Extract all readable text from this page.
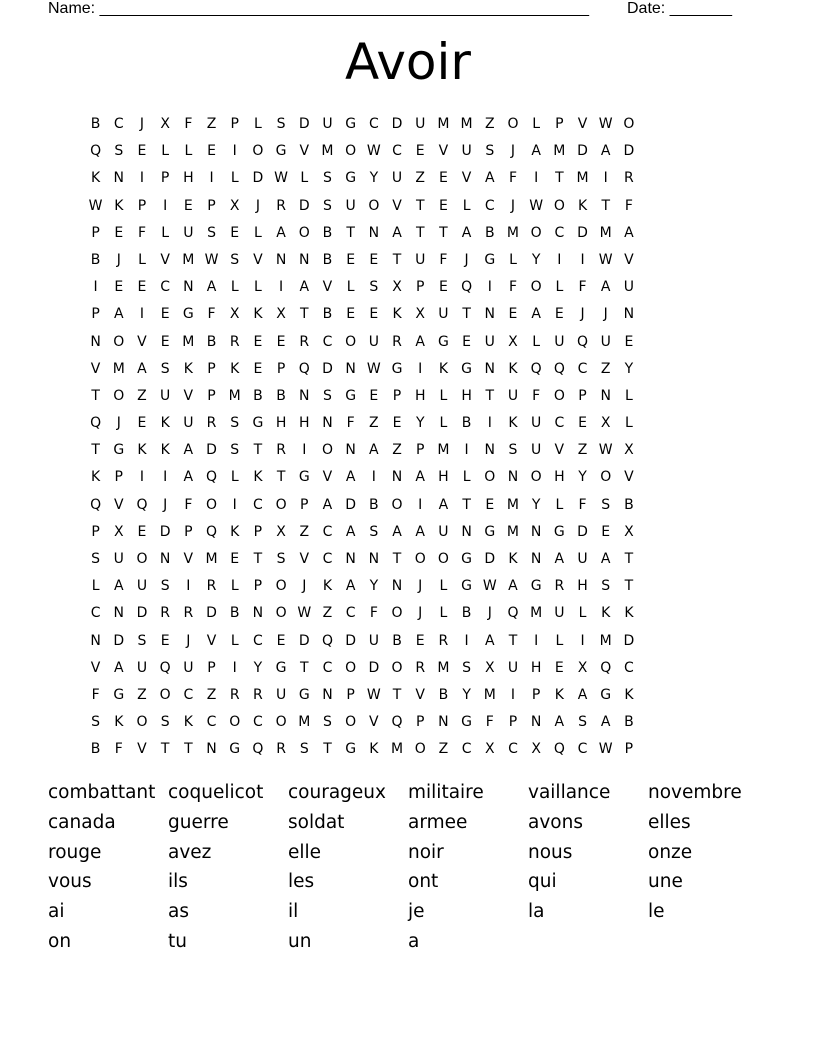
Name: _______________________________________________________ Date: _______
Avoir
B C	J	X	F	Z	P	L	S D U G C D U M M Z O L	P	V W O
Q S	E	L	L	E	I	O G V M O W C E V U S	J	A M D A D
K N	I	P H	I	L D W L	S G Y U Z E V A	F	I	T M	I	R
W K	P	I	E	P	X	J	R D S U O V	T	E	L	C	J	W O K	T	F
P	E	F	L	U S	E	L	A O B	T N A	T	T	A B M O C D M A
B	J	L	V M W S V N N B E	E	T U	F	J	G L	Y	I	I	W V
I	E	E C N A	L	L	I	A V	L	S X	P	E Q	I	F O L	F	A U
P	A	I	E G F	X K X	T	B E	E	K X U T N E A E	J	J	N
N O V E M B R E	E R C O U R A G E U X	L	U Q U E
V M A S	K	P	K	E	P Q D N W G	I	K G N K Q Q C Z	Y
T O Z U V	P M B B N S G E	P H	L	H T U	F O P N	L
Q	J	E	K U R S G H H N F	Z E	Y	L	B	I	K U C E X	L
T G K	K A D S	T	R	I	O N A Z	P M	I	N S U V Z W X
K	P	I	I	A Q L	K	T G V A	I	N A H	L O N O H Y O V
Q V Q	J	F O	I	C O P	A D B O	I	A	T	E M Y	L	F	S B
P	X E D P Q K	P	X Z C A S A A U N G M N G D E X
S U O N V M E	T	S V C N N T O O G D K N A U A	T
L	A U S	I	R	L	P O	J	K A	Y N	J	L G W A G R H S	T
C N D R R D B N O W Z C	F O	J	L	B	J	Q M U	L	K	K
N D S	E	J	V	L	C E D Q D U B E R	I	A	T	I	L	I	M D
V A U Q U P	I	Y G T	C O D O R M S X U H E X Q C
F G Z O C Z R R U G N P W T	V B	Y M	I	P	K A G K
S	K O S	K C O C O M S O V Q P N G F	P N A S A B
B	F	V	T	T N G Q R S	T G K M O Z C X C X Q C W P
combattant coquelicot	courageux	militaire	vaillance	novembre
canada	guerre	soldat	armee	avons	elles
rouge	avez	elle	noir	nous	onze
vous	ils	les	ont	qui	une
ai	as	il	je	la	le
on	tu	un	a
